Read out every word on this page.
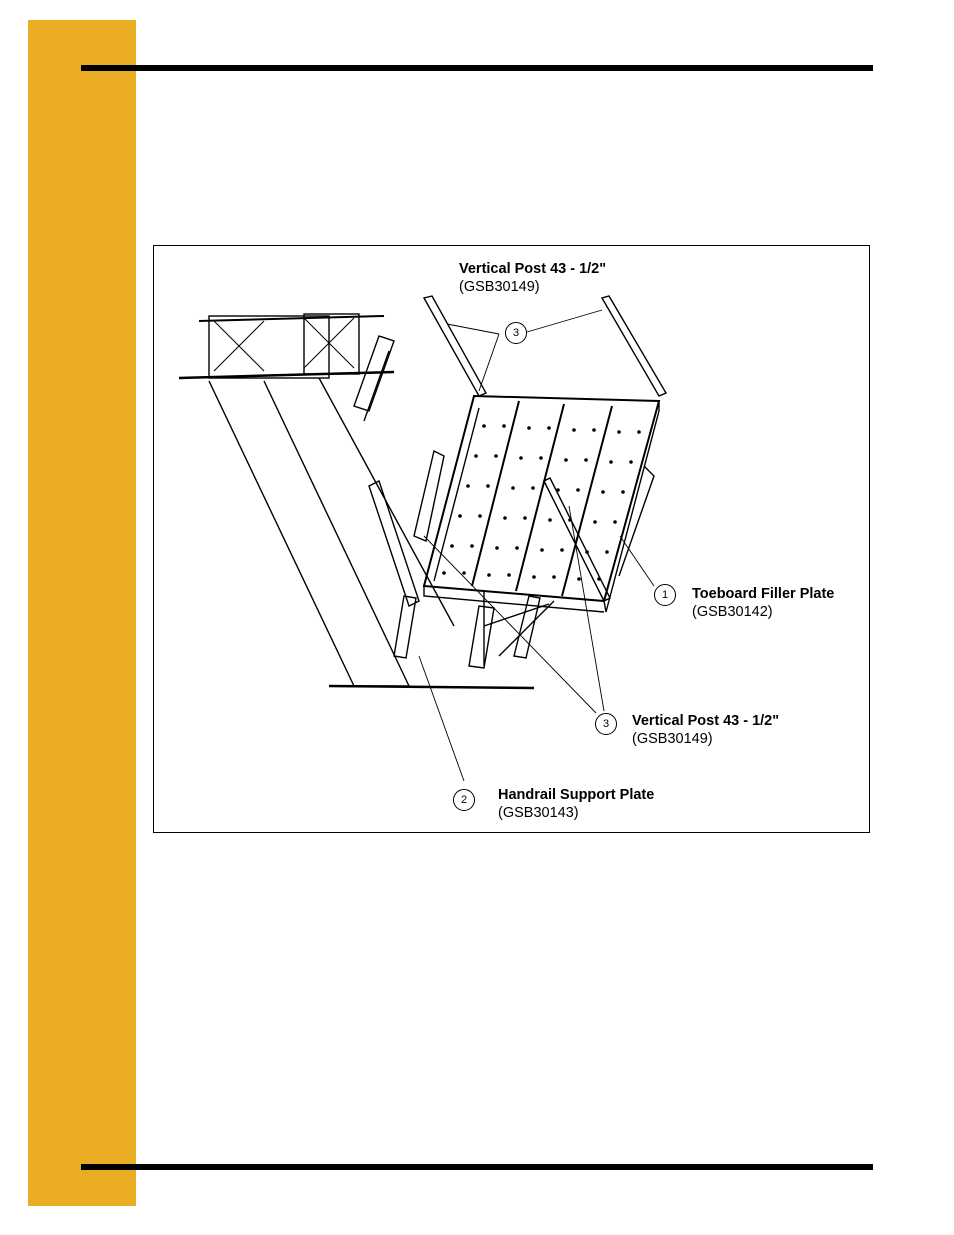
3
Vertical Post 43 - 1/2"
(GSB30149)
1	Toeboard Filler Plate
(GSB30142)
3	Vertical Post 43 - 1/2"
(GSB30149)
2	Handrail Support Plate
(GSB30143)
